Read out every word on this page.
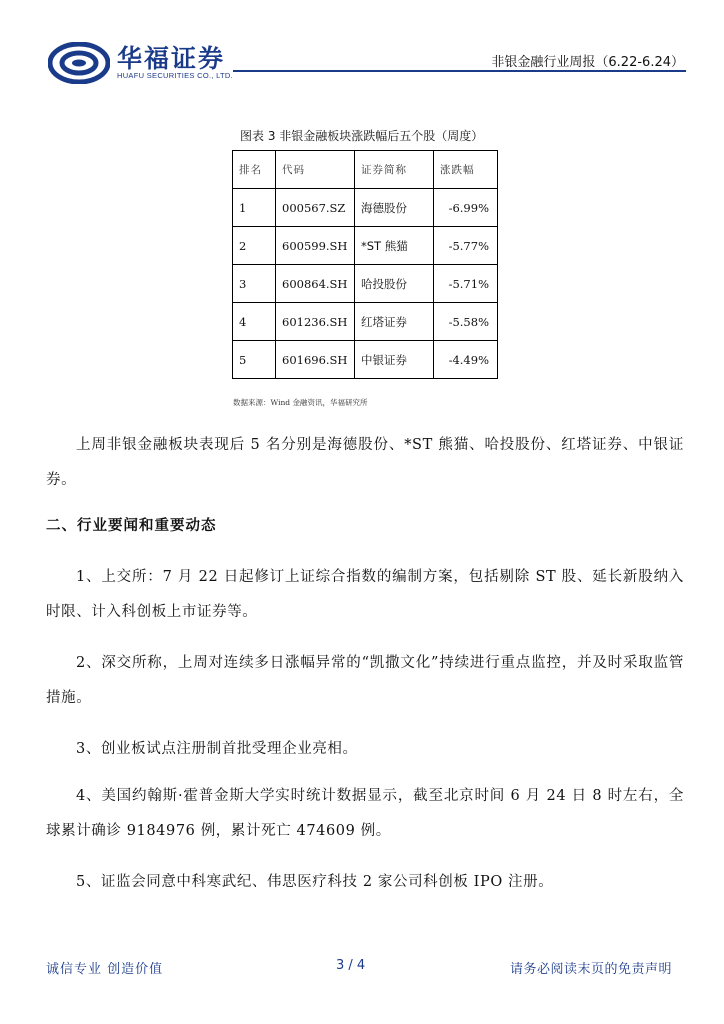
华福证券
HUAFU SECURITIES CO., LTD.
非银金融行业周报（6.22-6.24）
图表 3 非银金融板块涨跌幅后五个股（周度）
排名	代码	证券简称	涨跌幅
1	000567.SZ	海德股份	-6.99%
2	600599.SH	*ST 熊猫	-5.77%
3	600864.SH	哈投股份	-5.71%
4	601236.SH	红塔证券	-5.58%
5	601696.SH	中银证券	-4.49%
数据来源：Wind 金融资讯，华福研究所
上周非银金融板块表现后 5 名分别是海德股份、*ST 熊猫、哈投股份、红塔证券、中银证券。
二、行业要闻和重要动态
1、上交所：7 月 22 日起修订上证综合指数的编制方案，包括剔除 ST 股、延长新股纳入时限、计入科创板上市证券等。
2、深交所称，上周对连续多日涨幅异常的“凯撒文化”持续进行重点监控，并及时采取监管措施。
3、创业板试点注册制首批受理企业亮相。
4、美国约翰斯·霍普金斯大学实时统计数据显示，截至北京时间 6 月 24 日 8 时左右，全球累计确诊 9184976 例，累计死亡 474609 例。
5、证监会同意中科寒武纪、伟思医疗科技 2 家公司科创板 IPO 注册。
诚信专业 创造价值	3 / 4	请务必阅读末页的免责声明
